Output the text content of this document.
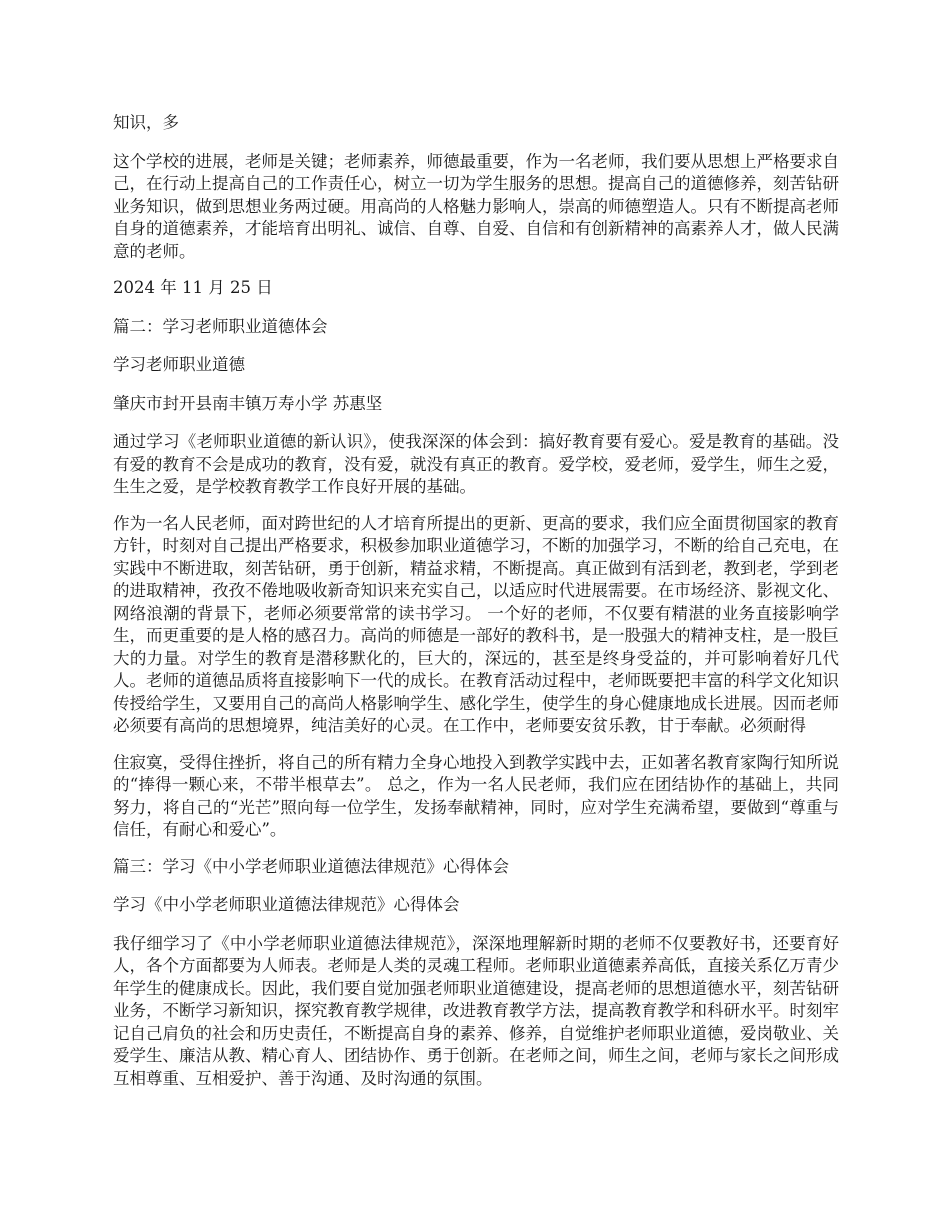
知识，多

这个学校的进展，老师是关键；老师素养，师德最重要，作为一名老师，我们要从思想上严格要求自己，在行动上提高自己的工作责任心，树立一切为学生服务的思想。提高自己的道德修养，刻苦钻研业务知识，做到思想业务两过硬。用高尚的人格魅力影响人，崇高的师德塑造人。只有不断提高老师自身的道德素养，才能培育出明礼、诚信、自尊、自爱、自信和有创新精神的高素养人才，做人民满意的老师。

2024 年 11 月 25 日

篇二：学习老师职业道德体会

学习老师职业道德

肇庆市封开县南丰镇万寿小学 苏惠坚

通过学习《老师职业道德的新认识》，使我深深的体会到：搞好教育要有爱心。爱是教育的基础。没有爱的教育不会是成功的教育，没有爱，就没有真正的教育。爱学校，爱老师，爱学生，师生之爱，生生之爱，是学校教育教学工作良好开展的基础。

作为一名人民老师，面对跨世纪的人才培育所提出的更新、更高的要求，我们应全面贯彻国家的教育方针，时刻对自己提出严格要求，积极参加职业道德学习，不断的加强学习，不断的给自己充电，在实践中不断进取，刻苦钻研，勇于创新，精益求精，不断提高。真正做到有活到老，教到老，学到老的进取精神，孜孜不倦地吸收新奇知识来充实自己，以适应时代进展需要。在市场经济、影视文化、网络浪潮的背景下，老师必须要常常的读书学习。 一个好的老师，不仅要有精湛的业务直接影响学生，而更重要的是人格的感召力。高尚的师德是一部好的教科书，是一股强大的精神支柱，是一股巨大的力量。对学生的教育是潜移默化的，巨大的，深远的，甚至是终身受益的，并可影响着好几代人。老师的道德品质将直接影响下一代的成长。在教育活动过程中，老师既要把丰富的科学文化知识传授给学生，又要用自己的高尚人格影响学生、感化学生，使学生的身心健康地成长进展。因而老师必须要有高尚的思想境界，纯洁美好的心灵。在工作中，老师要安贫乐教，甘于奉献。必须耐得

住寂寞，受得住挫折，将自己的所有精力全身心地投入到教学实践中去，正如著名教育家陶行知所说的“捧得一颗心来，不带半根草去”。 总之，作为一名人民老师，我们应在团结协作的基础上，共同努力，将自己的“光芒”照向每一位学生，发扬奉献精神，同时，应对学生充满希望，要做到“尊重与信任，有耐心和爱心”。

篇三：学习《中小学老师职业道德法律规范》心得体会

学习《中小学老师职业道德法律规范》心得体会

我仔细学习了《中小学老师职业道德法律规范》，深深地理解新时期的老师不仅要教好书，还要育好人，各个方面都要为人师表。老师是人类的灵魂工程师。老师职业道德素养高低，直接关系亿万青少年学生的健康成长。因此，我们要自觉加强老师职业道德建设，提高老师的思想道德水平，刻苦钻研业务，不断学习新知识，探究教育教学规律，改进教育教学方法，提高教育教学和科研水平。时刻牢记自己肩负的社会和历史责任，不断提高自身的素养、修养，自觉维护老师职业道德，爱岗敬业、关爱学生、廉洁从教、精心育人、团结协作、勇于创新。在老师之间，师生之间，老师与家长之间形成互相尊重、互相爱护、善于沟通、及时沟通的氛围。
